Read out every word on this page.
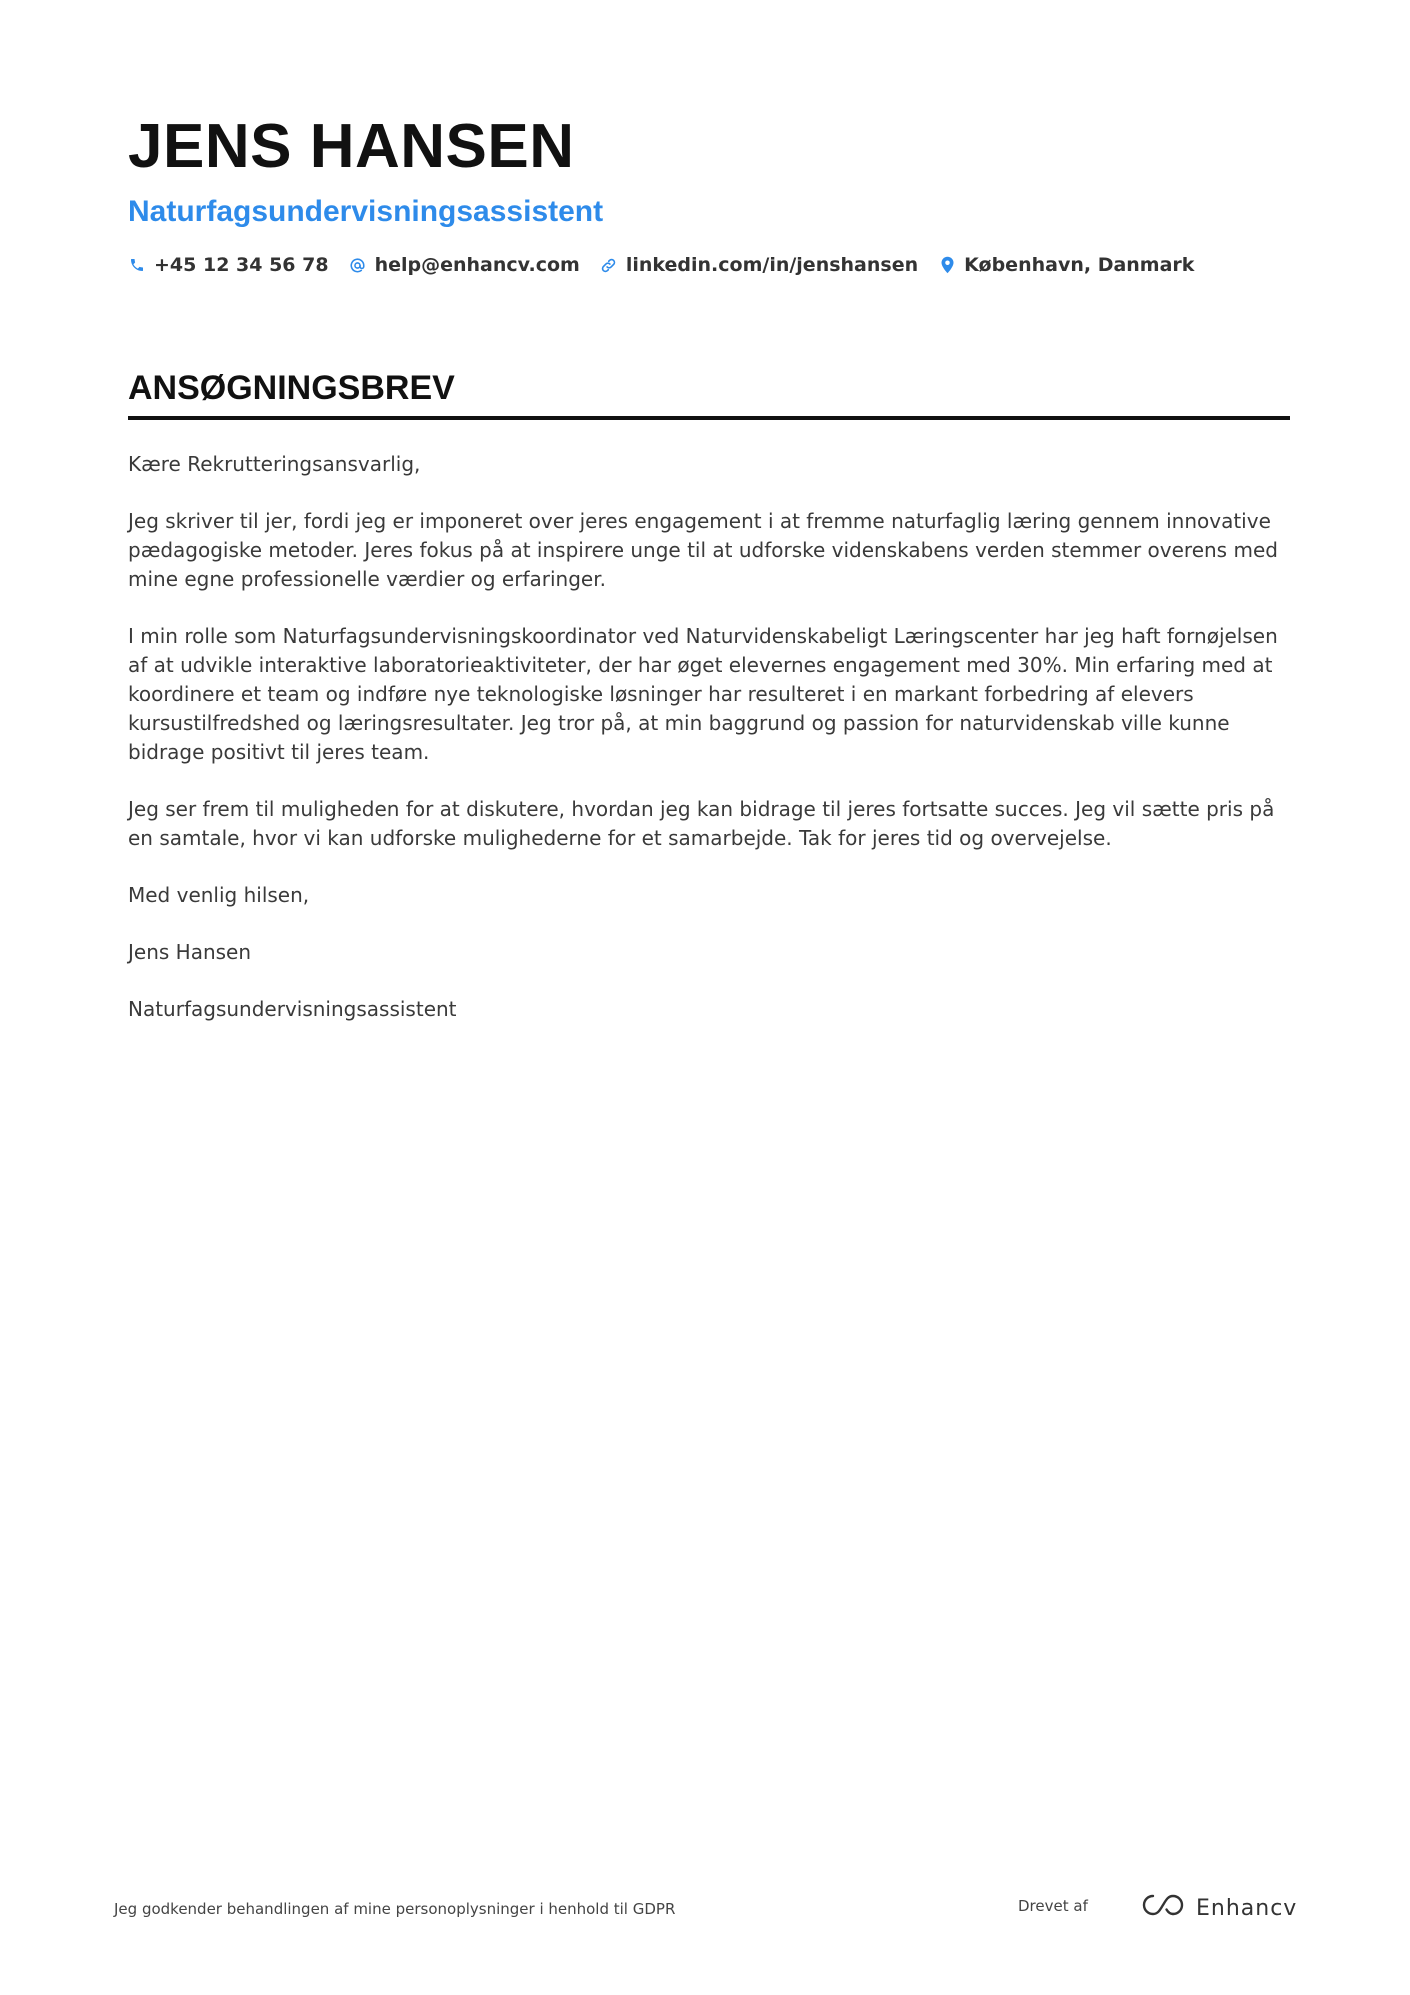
JENS HANSEN
Naturfagsundervisningsassistent
+45 12 34 56 78 help@enhancv.com linkedin.com/in/jenshansen København, Danmark
ANSØGNINGSBREV

Kære Rekrutteringsansvarlig,

Jeg skriver til jer, fordi jeg er imponeret over jeres engagement i at fremme naturfaglig læring gennem innovative pædagogiske metoder. Jeres fokus på at inspirere unge til at udforske videnskabens verden stemmer overens med mine egne professionelle værdier og erfaringer.

I min rolle som Naturfagsundervisningskoordinator ved Naturvidenskabeligt Læringscenter har jeg haft fornøjelsen af at udvikle interaktive laboratorieaktiviteter, der har øget elevernes engagement med 30%. Min erfaring med at koordinere et team og indføre nye teknologiske løsninger har resulteret i en markant forbedring af elevers kursustilfredshed og læringsresultater. Jeg tror på, at min baggrund og passion for naturvidenskab ville kunne bidrage positivt til jeres team.

Jeg ser frem til muligheden for at diskutere, hvordan jeg kan bidrage til jeres fortsatte succes. Jeg vil sætte pris på en samtale, hvor vi kan udforske mulighederne for et samarbejde. Tak for jeres tid og overvejelse.

Med venlig hilsen,

Jens Hansen

Naturfagsundervisningsassistent

Jeg godkender behandlingen af mine personoplysninger i henhold til GDPR	Drevet af	Enhancv
